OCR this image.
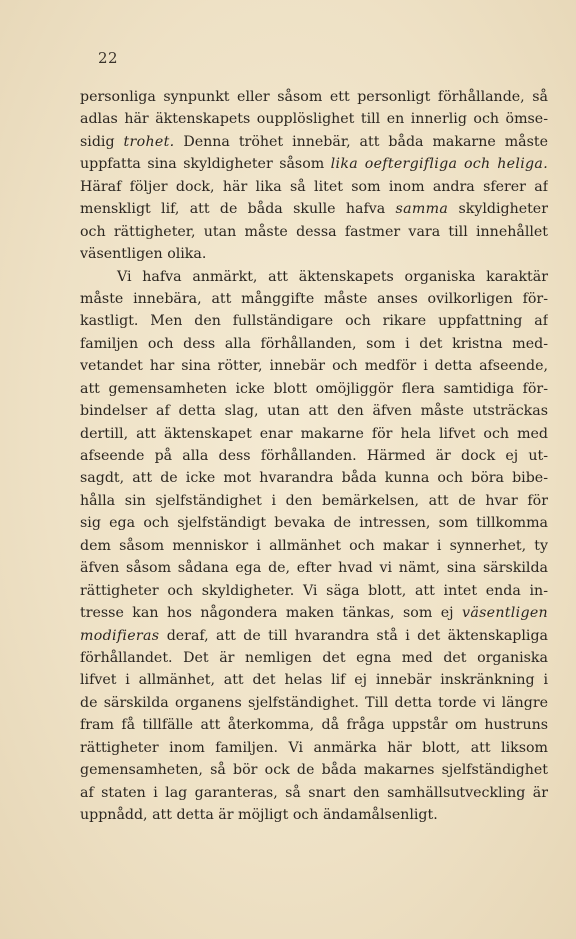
22
personliga synpunkt eller såsom ett personligt förhållande, så
adlas här äktenskapets oupplöslighet till en innerlig och ömse-
sidig trohet. Denna tröhet innebär, att båda makarne måste
uppfatta sina skyldigheter såsom lika oeftergifliga och heliga.
Häraf följer dock, här lika så litet som inom andra sferer af
menskligt lif, att de båda skulle hafva samma skyldigheter
och rättigheter, utan måste dessa fastmer vara till innehållet
väsentligen olika.
Vi hafva anmärkt, att äktenskapets organiska karaktär
måste innebära, att månggifte måste anses ovilkorligen för-
kastligt. Men den fullständigare och rikare uppfattning af
familjen och dess alla förhållanden, som i det kristna med-
vetandet har sina rötter, innebär och medför i detta afseende,
att gemensamheten icke blott omöjliggör flera samtidiga för-
bindelser af detta slag, utan att den äfven måste utsträckas
dertill, att äktenskapet enar makarne för hela lifvet och med
afseende på alla dess förhållanden. Härmed är dock ej ut-
sagdt, att de icke mot hvarandra båda kunna och böra bibe-
hålla sin sjelfständighet i den bemärkelsen, att de hvar för
sig ega och sjelfständigt bevaka de intressen, som tillkomma
dem såsom menniskor i allmänhet och makar i synnerhet, ty
äfven såsom sådana ega de, efter hvad vi nämt, sina särskilda
rättigheter och skyldigheter. Vi säga blott, att intet enda in-
tresse kan hos någondera maken tänkas, som ej väsentligen
modifieras deraf, att de till hvarandra stå i det äktenskapliga
förhållandet. Det är nemligen det egna med det organiska
lifvet i allmänhet, att det helas lif ej innebär inskränkning i
de särskilda organens sjelfständighet. Till detta torde vi längre
fram få tillfälle att återkomma, då fråga uppstår om hustruns
rättigheter inom familjen. Vi anmärka här blott, att liksom
gemensamheten, så bör ock de båda makarnes sjelfständighet
af staten i lag garanteras, så snart den samhällsutveckling är
uppnådd, att detta är möjligt och ändamålsenligt.
